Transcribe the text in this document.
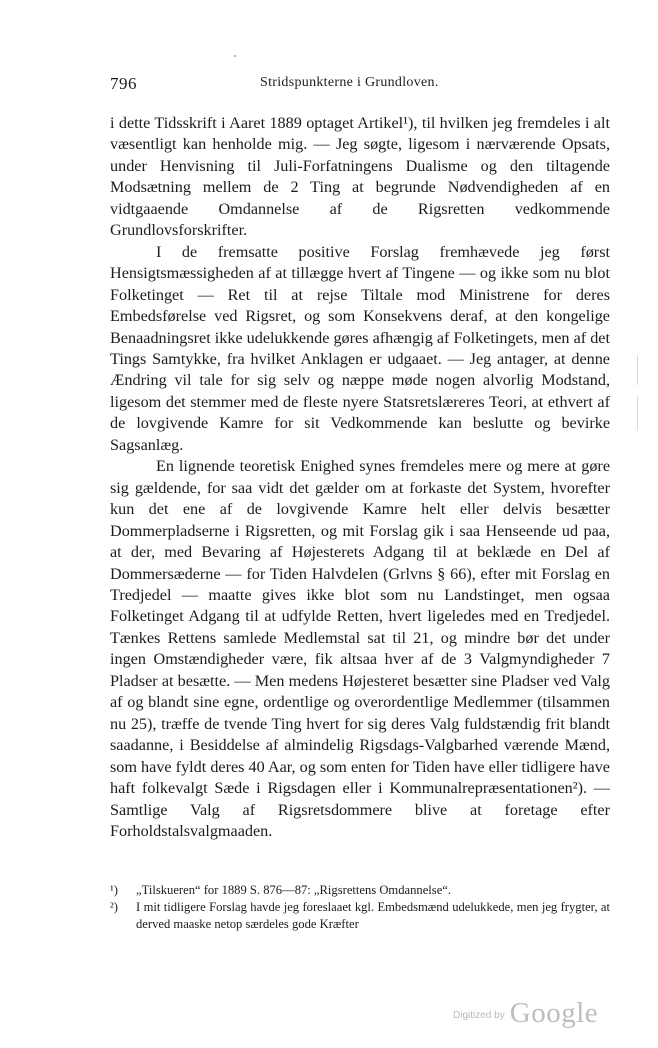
796	Stridspunkterne i Grundloven.

i dette Tidsskrift i Aaret 1889 optaget Artikel¹), til hvilken jeg fremdeles i alt væsentligt kan henholde mig. — Jeg søgte, ligesom i nærværende Opsats, under Henvisning til Juli-Forfatningens Dualisme og den tiltagende Modsætning mellem de 2 Ting at begrunde Nødvendigheden af en vidtgaaende Omdannelse af de Rigsretten vedkommende Grundlovsforskrifter.

I de fremsatte positive Forslag fremhævede jeg først Hensigtsmæssigheden af at tillægge hvert af Tingene — og ikke som nu blot Folketinget — Ret til at rejse Tiltale mod Ministrene for deres Embedsførelse ved Rigsret, og som Konsekvens deraf, at den kongelige Benaadningsret ikke udelukkende gøres afhængig af Folketingets, men af det Tings Samtykke, fra hvilket Anklagen er udgaaet. — Jeg antager, at denne Ændring vil tale for sig selv og næppe møde nogen alvorlig Modstand, ligesom det stemmer med de fleste nyere Statsretslæreres Teori, at ethvert af de lovgivende Kamre for sit Vedkommende kan beslutte og bevirke Sagsanlæg.

En lignende teoretisk Enighed synes fremdeles mere og mere at gøre sig gældende, for saa vidt det gælder om at forkaste det System, hvorefter kun det ene af de lovgivende Kamre helt eller delvis besætter Dommerpladserne i Rigsretten, og mit Forslag gik i saa Henseende ud paa, at der, med Bevaring af Højesterets Adgang til at beklæde en Del af Dommersæderne — for Tiden Halvdelen (Grlvns § 66), efter mit Forslag en Tredjedel — maatte gives ikke blot som nu Landstinget, men ogsaa Folketinget Adgang til at udfylde Retten, hvert ligeledes med en Tredjedel. Tænkes Rettens samlede Medlemstal sat til 21, og mindre bør det under ingen Omstændigheder være, fik altsaa hver af de 3 Valgmyndigheder 7 Pladser at besætte. — Men medens Højesteret besætter sine Pladser ved Valg af og blandt sine egne, ordentlige og overordentlige Medlemmer (tilsammen nu 25), træffe de tvende Ting hvert for sig deres Valg fuldstændig frit blandt saadanne, i Besiddelse af almindelig Rigsdags-Valgbarhed værende Mænd, som have fyldt deres 40 Aar, og som enten for Tiden have eller tidligere have haft folkevalgt Sæde i Rigsdagen eller i Kommunalrepræsentationen²). — Samtlige Valg af Rigsretsdommere blive at foretage efter Forholdstalsvalgmaaden.

¹) „Tilskueren“ for 1889 S. 876—87: „Rigsrettens Omdannelse“.

²) I mit tidligere Forslag havde jeg foreslaaet kgl. Embedsmænd udelukkede, men jeg frygter, at derved maaske netop særdeles gode Kræfter

$^{Digitized by}$ Google
